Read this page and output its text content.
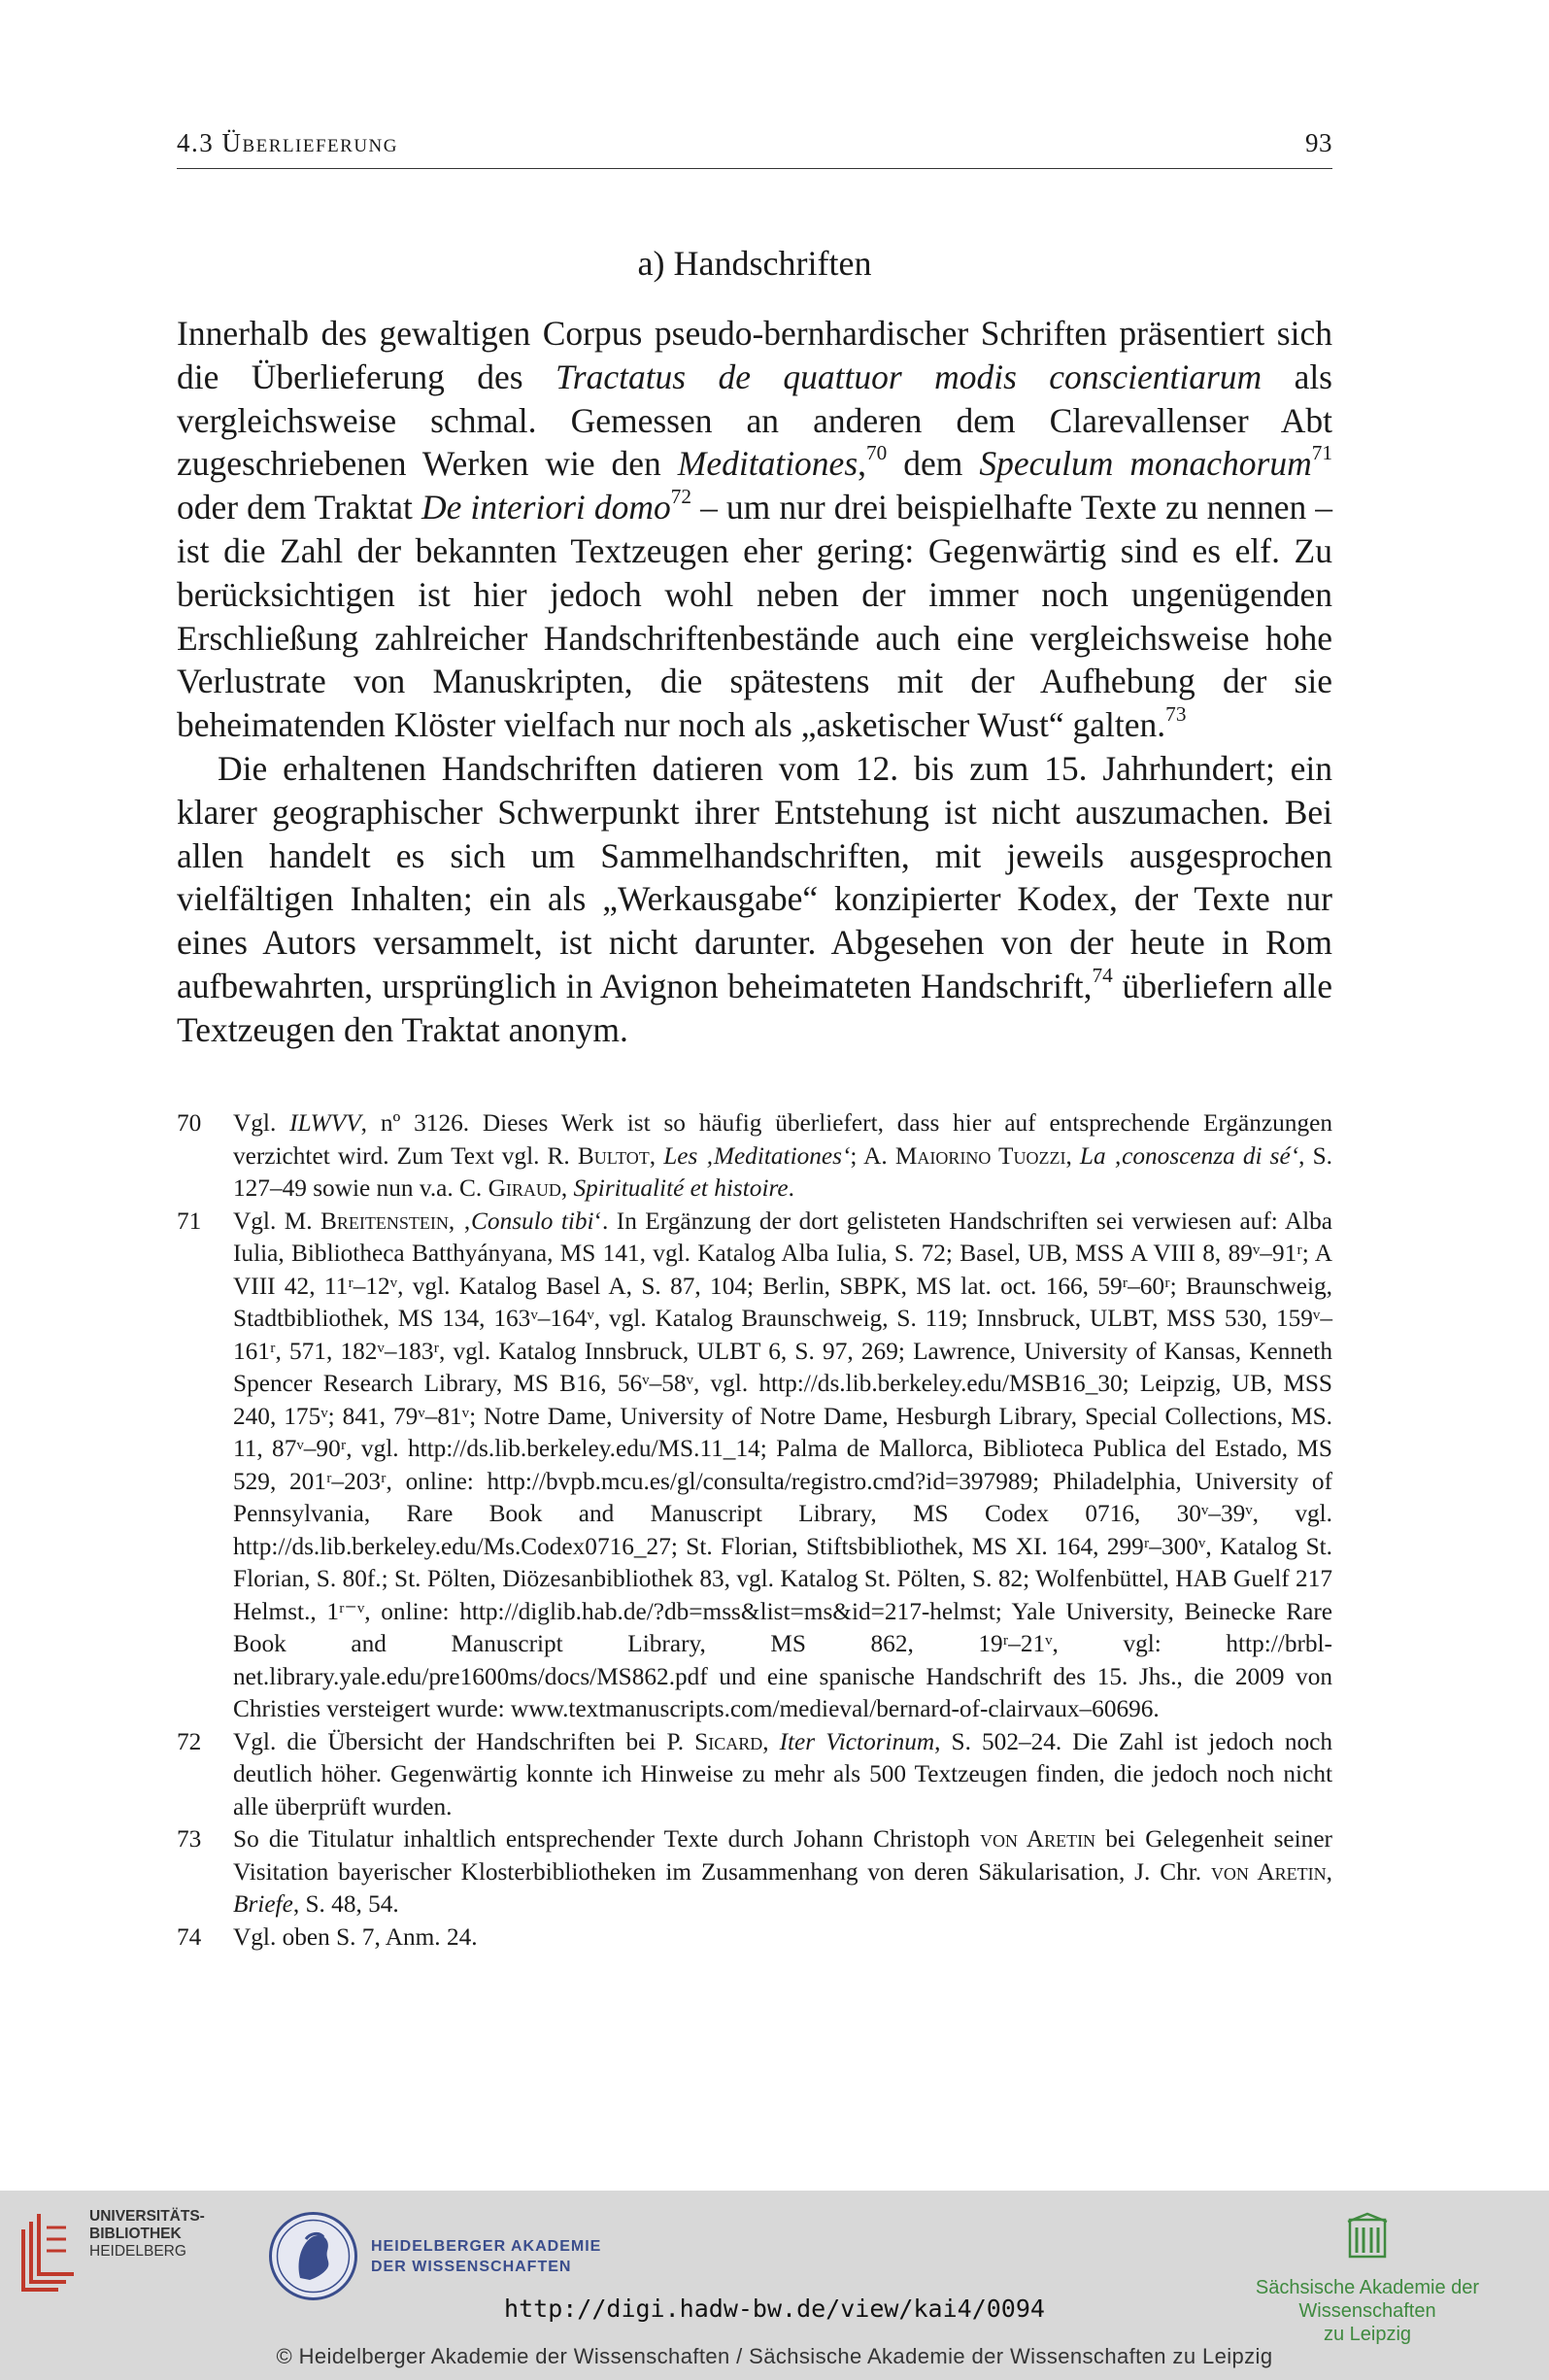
4.3 Überlieferung	93
a) Handschriften

Innerhalb des gewaltigen Corpus pseudo-bernhardischer Schriften präsentiert sich die Überlieferung des Tractatus de quattuor modis conscientiarum als vergleichsweise schmal. Gemessen an anderen dem Clarevallenser Abt zugeschriebenen Werken wie den Meditationes,$^{70}$ dem Speculum monachorum$^{71}$ oder dem Traktat De interiori domo$^{72}$ – um nur drei beispielhafte Texte zu nennen – ist die Zahl der bekannten Textzeugen eher gering: Gegenwärtig sind es elf. Zu berücksichtigen ist hier jedoch wohl neben der immer noch ungenügenden Erschließung zahlreicher Handschriftenbestände auch eine vergleichsweise hohe Verlustrate von Manuskripten, die spätestens mit der Aufhebung der sie beheimatenden Klöster vielfach nur noch als „asketischer Wust“ galten.$^{73}$

Die erhaltenen Handschriften datieren vom 12. bis zum 15. Jahrhundert; ein klarer geographischer Schwerpunkt ihrer Entstehung ist nicht auszumachen. Bei allen handelt es sich um Sammelhandschriften, mit jeweils ausgesprochen vielfältigen Inhalten; ein als „Werkausgabe“ konzipierter Kodex, der Texte nur eines Autors versammelt, ist nicht darunter. Abgesehen von der heute in Rom aufbewahrten, ursprünglich in Avignon beheimateten Handschrift,$^{74}$ überliefern alle Textzeugen den Traktat anonym.

70	Vgl. ILWVV, nº 3126. Dieses Werk ist so häufig überliefert, dass hier auf entsprechende Ergänzungen verzichtet wird. Zum Text vgl. R. Bultot, Les ‚Meditationes‘; A. Maiorino Tuozzi, La ‚conoscenza di sé‘, S. 127–49 sowie nun v.a. C. Giraud, Spiritualité et histoire.
71	Vgl. M. Breitenstein, ‚Consulo tibi‘. In Ergänzung der dort gelisteten Handschriften sei verwiesen auf: Alba Iulia, Bibliotheca Batthyányana, MS 141, vgl. Katalog Alba Iulia, S. 72; Basel, UB, MSS A VIII 8, 89ᵛ–91ʳ; A VIII 42, 11ʳ–12ᵛ, vgl. Katalog Basel A, S. 87, 104; Berlin, SBPK, MS lat. oct. 166, 59ʳ–60ʳ; Braunschweig, Stadtbibliothek, MS 134, 163ᵛ–164ᵛ, vgl. Katalog Braunschweig, S. 119; Innsbruck, ULBT, MSS 530, 159ᵛ–161ʳ, 571, 182ᵛ–183ʳ, vgl. Katalog Innsbruck, ULBT 6, S. 97, 269; Lawrence, University of Kansas, Kenneth Spencer Research Library, MS B16, 56ᵛ–58ᵛ, vgl. http://ds.lib.berkeley.edu/MSB16_30; Leipzig, UB, MSS 240, 175ᵛ; 841, 79ᵛ–81ᵛ; Notre Dame, University of Notre Dame, Hesburgh Library, Special Collections, MS. 11, 87ᵛ–90ʳ, vgl. http://ds.lib.berkeley.edu/MS.11_14; Palma de Mallorca, Biblioteca Publica del Estado, MS 529, 201ʳ–203ʳ, online: http://bvpb.mcu.es/gl/consulta/registro.cmd?id=397989; Philadelphia, University of Pennsylvania, Rare Book and Manuscript Library, MS Codex 0716, 30ᵛ–39ᵛ, vgl. http://ds.lib.berkeley.edu/Ms.Codex0716_27; St. Florian, Stiftsbibliothek, MS XI. 164, 299ʳ–300ᵛ, Katalog St. Florian, S. 80f.; St. Pölten, Diözesanbibliothek 83, vgl. Katalog St. Pölten, S. 82; Wolfenbüttel, HAB Guelf 217 Helmst., 1ʳ⁻ᵛ, online: http://diglib.hab.de/?db=mss&list=ms&id=217-helmst; Yale University, Beinecke Rare Book and Manuscript Library, MS 862, 19ʳ–21ᵛ, vgl: http://brbl-net.library.yale.edu/pre1600ms/docs/MS862.pdf und eine spanische Handschrift des 15. Jhs., die 2009 von Christies versteigert wurde: www.textmanuscripts.com/medieval/bernard-of-clairvaux–60696.
72	Vgl. die Übersicht der Handschriften bei P. Sicard, Iter Victorinum, S. 502–24. Die Zahl ist jedoch noch deutlich höher. Gegenwärtig konnte ich Hinweise zu mehr als 500 Textzeugen finden, die jedoch noch nicht alle überprüft wurden.
73	So die Titulatur inhaltlich entsprechender Texte durch Johann Christoph von Aretin bei Gelegenheit seiner Visitation bayerischer Klosterbibliotheken im Zusammenhang von deren Säkularisation, J. Chr. von Aretin, Briefe, S. 48, 54.
74	Vgl. oben S. 7, Anm. 24.
UNIVERSITÄTS-
BIBLIOTHEK
HEIDELBERG	HEIDELBERGER AKADEMIE
DER WISSENSCHAFTEN
Sächsische Akademie der Wissenschaften
zu Leipzig
http://digi.hadw-bw.de/view/kai4/0094
© Heidelberger Akademie der Wissenschaften / Sächsische Akademie der Wissenschaften zu Leipzig
